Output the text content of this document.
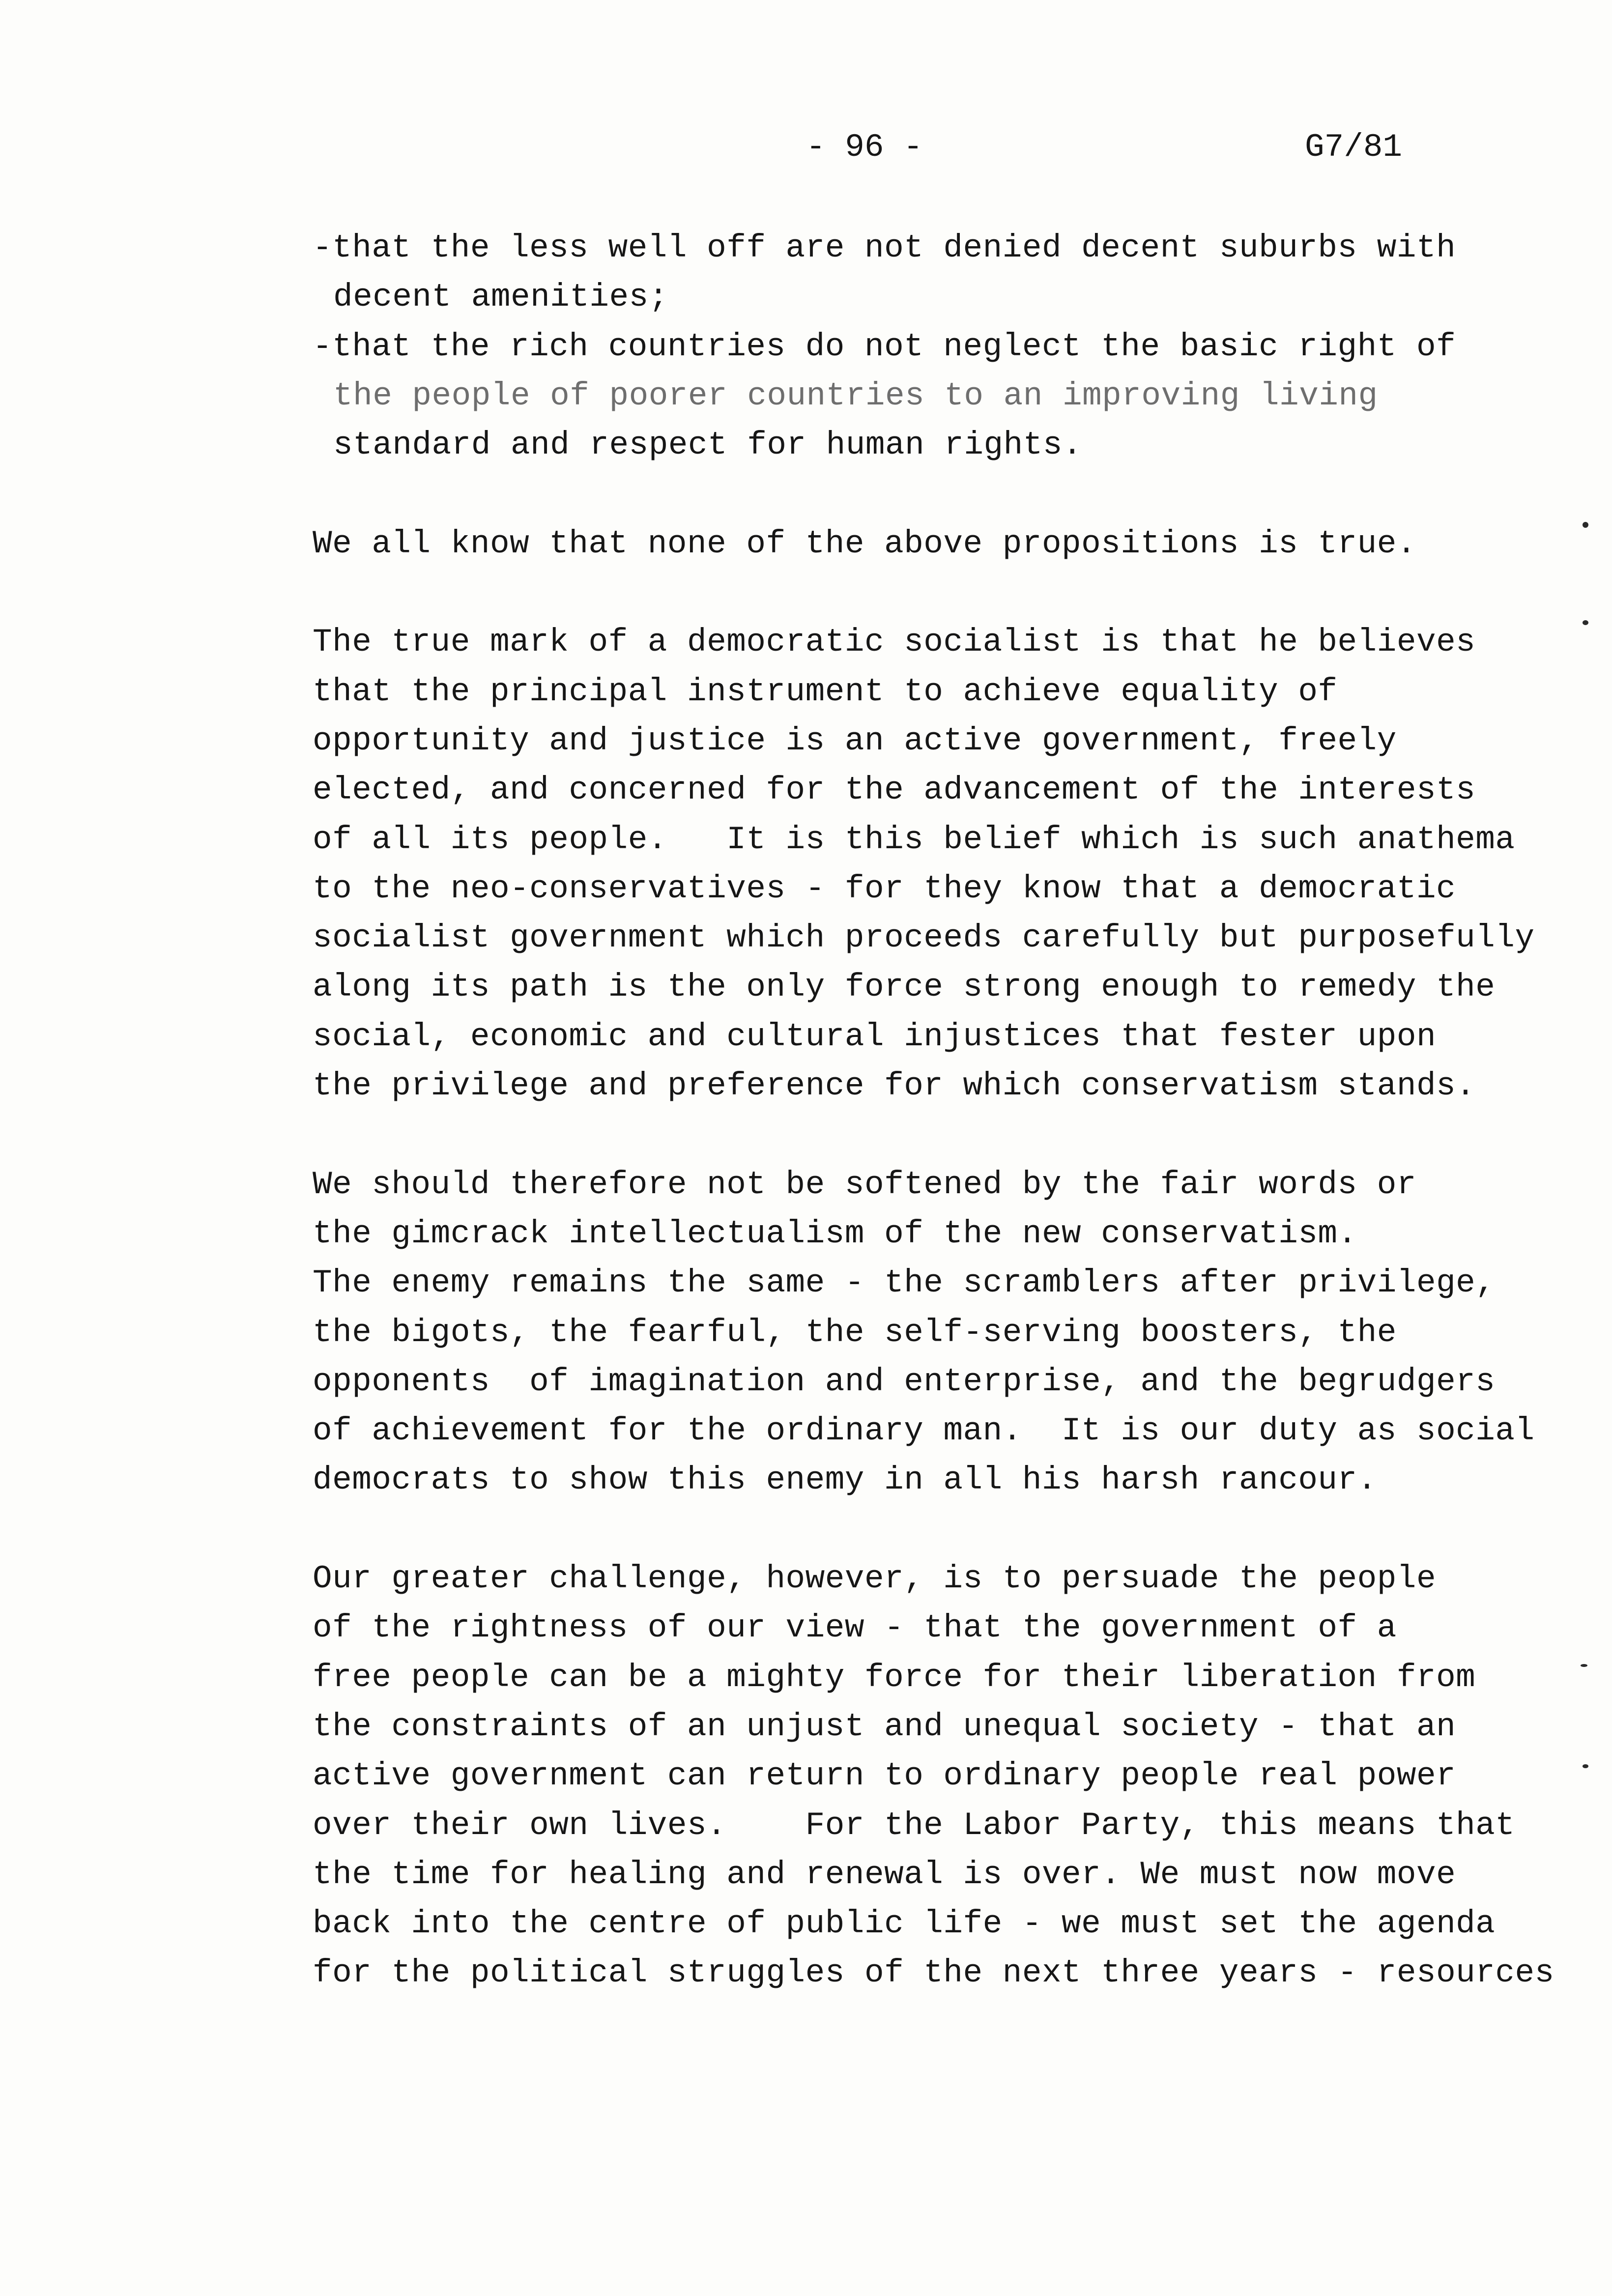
- 96 -	G7/81
-that the less well off are not denied decent suburbs with
decent amenities;
-that the rich countries do not neglect the basic right of
the people of poorer countries to an improving living
standard and respect for human rights.
We all know that none of the above propositions is true.
The true mark of a democratic socialist is that he believes
that the principal instrument to achieve equality of
opportunity and justice is an active government, freely
elected, and concerned for the advancement of the interests
of all its people.   It is this belief which is such anathema
to the neo-conservatives - for they know that a democratic
socialist government which proceeds carefully but purposefully
along its path is the only force strong enough to remedy the
social, economic and cultural injustices that fester upon
the privilege and preference for which conservatism stands.
We should therefore not be softened by the fair words or
the gimcrack intellectualism of the new conservatism.
The enemy remains the same - the scramblers after privilege,
the bigots, the fearful, the self-serving boosters, the
opponents  of imagination and enterprise, and the begrudgers
of achievement for the ordinary man.  It is our duty as social
democrats to show this enemy in all his harsh rancour.
Our greater challenge, however, is to persuade the people
of the rightness of our view - that the government of a
free people can be a mighty force for their liberation from
the constraints of an unjust and unequal society - that an
active government can return to ordinary people real power
over their own lives.    For the Labor Party, this means that
the time for healing and renewal is over. We must now move
back into the centre of public life - we must set the agenda
for the political struggles of the next three years - resources
